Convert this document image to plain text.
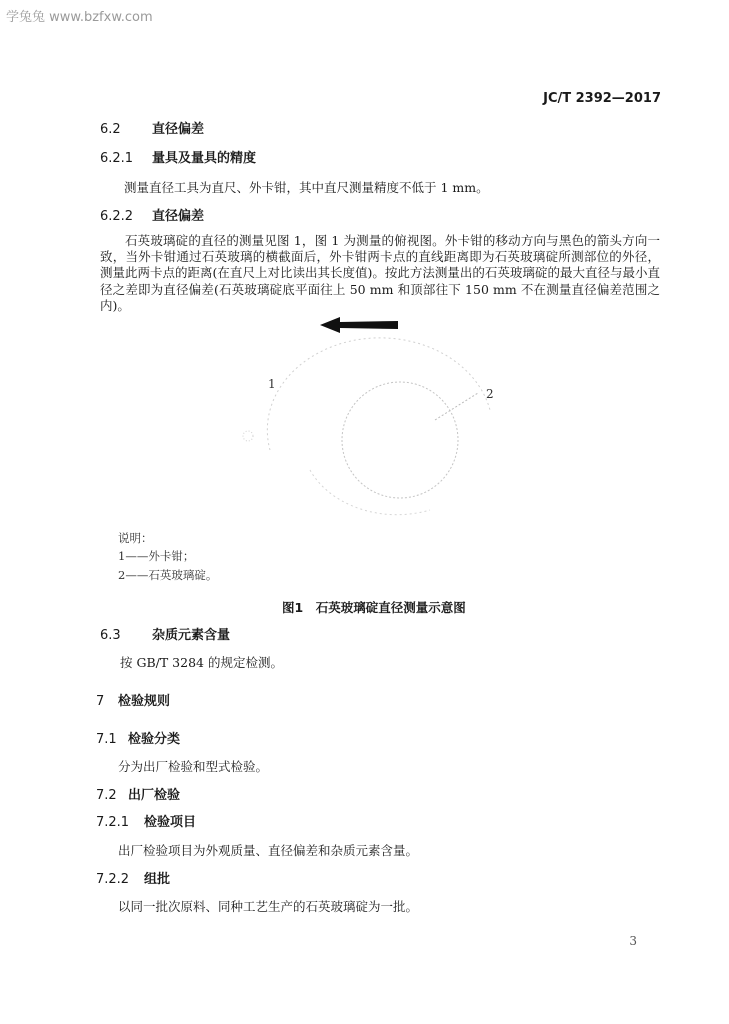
学兔兔 www.bzfxw.com
JC/T 2392—2017
6.2 直径偏差
6.2.1 量具及量具的精度
测量直径工具为直尺、外卡钳，其中直尺测量精度不低于 1 mm。
6.2.2 直径偏差
石英玻璃碇的直径的测量见图 1，图 1 为测量的俯视图。外卡钳的移动方向与黑色的箭头方向一致，当外卡钳通过石英玻璃的横截面后，外卡钳两卡点的直线距离即为石英玻璃碇所测部位的外径，测量此两卡点的距离(在直尺上对比读出其长度值)。按此方法测量出的石英玻璃碇的最大直径与最小直径之差即为直径偏差(石英玻璃碇底平面往上 50 mm 和顶部往下 150 mm 不在测量直径偏差范围之内)。
1
2
说明：
1——外卡钳；
2——石英玻璃碇。
图1　石英玻璃碇直径测量示意图
6.3 杂质元素含量
按 GB/T 3284 的规定检测。
7 检验规则
7.1 检验分类
分为出厂检验和型式检验。
7.2 出厂检验
7.2.1 检验项目
出厂检验项目为外观质量、直径偏差和杂质元素含量。
7.2.2 组批
以同一批次原料、同种工艺生产的石英玻璃碇为一批。
3
